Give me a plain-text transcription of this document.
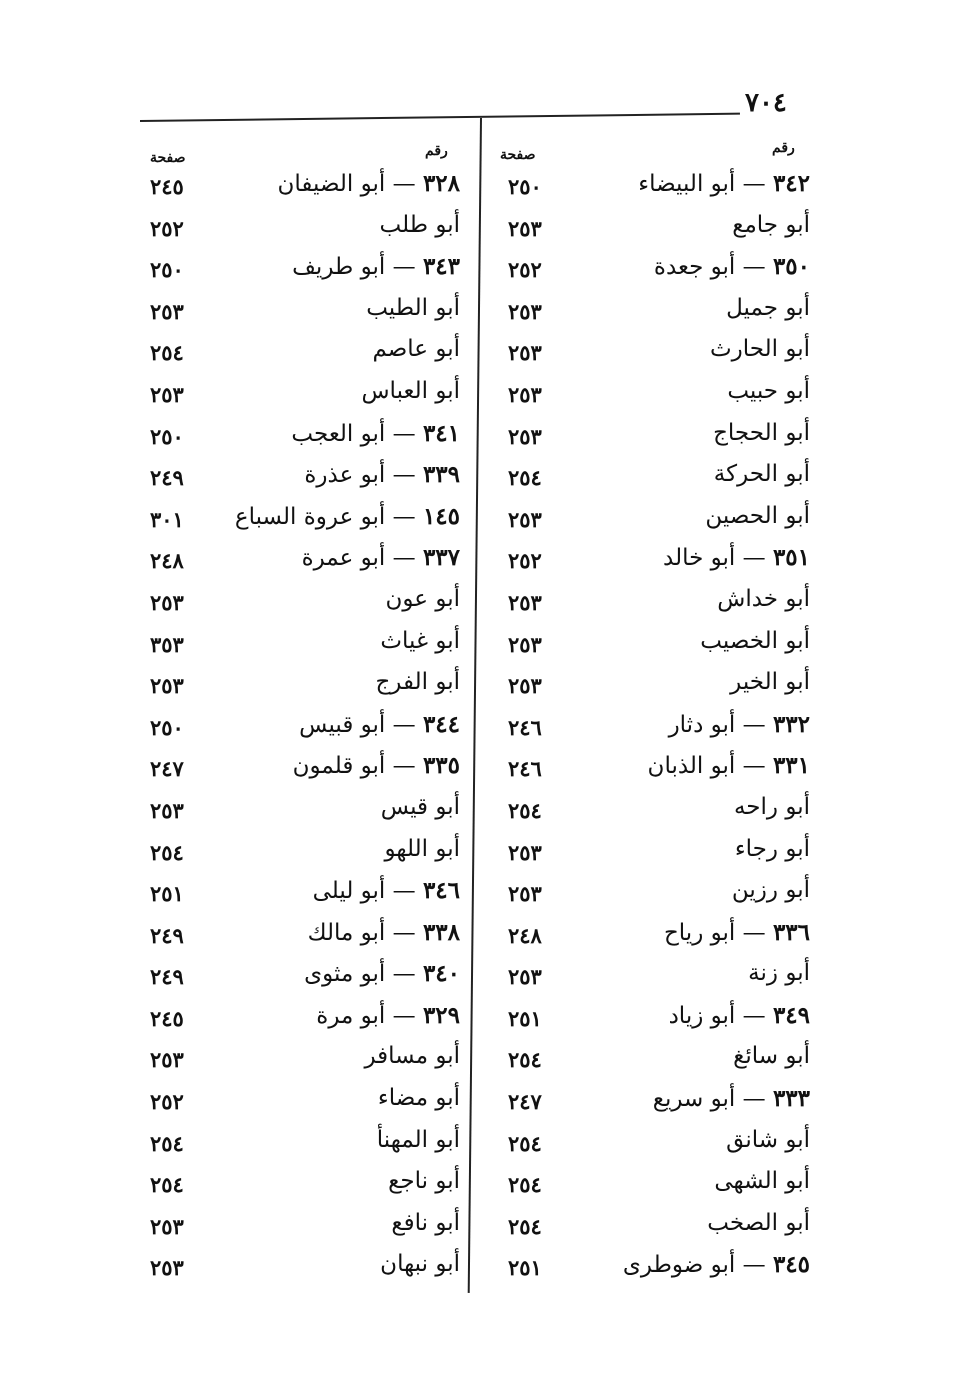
٧٠٤
رقم
صفحة
رقم
صفحة
٣٤٢ — أبو البيضاء
٢٥٠
أبو جامع
٢٥٣
٣٥٠ — أبو جعدة
٢٥٢
أبو جميل
٢٥٣
أبو الحارث
٢٥٣
أبو حبيب
٢٥٣
أبو الحجاج
٢٥٣
أبو الحركة
٢٥٤
أبو الحصين
٢٥٣
٣٥١ — أبو خالد
٢٥٢
أبو خداش
٢٥٣
أبو الخصيب
٢٥٣
أبو الخير
٢٥٣
٣٣٢ — أبو دثار
٢٤٦
٣٣١ — أبو الذبان
٢٤٦
أبو راحه
٢٥٤
أبو رجاء
٢٥٣
أبو رزين
٢٥٣
٣٣٦ — أبو رياح
٢٤٨
أبو زنة
٢٥٣
٣٤٩ — أبو زياد
٢٥١
أبو سائغ
٢٥٤
٣٣٣ — أبو سريع
٢٤٧
أبو شانق
٢٥٤
أبو الشهى
٢٥٤
أبو الصخب
٢٥٤
٣٤٥ — أبو ضوطرى
٢٥١
٣٢٨ — أبو الضيفان
٢٤٥
أبو طلب
٢٥٢
٣٤٣ — أبو طريف
٢٥٠
أبو الطيب
٢٥٣
أبو عاصم
٢٥٤
أبو العباس
٢٥٣
٣٤١ — أبو العجب
٢٥٠
٣٣٩ — أبو عذرة
٢٤٩
١٤٥ — أبو عروة السباع
٣٠١
٣٣٧ — أبو عمرة
٢٤٨
أبو عون
٢٥٣
أبو غياث
٣٥٣
أبو الفرج
٢٥٣
٣٤٤ — أبو قبيس
٢٥٠
٣٣٥ — أبو قلمون
٢٤٧
أبو قيس
٢٥٣
أبو اللهو
٢٥٤
٣٤٦ — أبو ليلى
٢٥١
٣٣٨ — أبو مالك
٢٤٩
٣٤٠ — أبو مثوى
٢٤٩
٣٢٩ — أبو مرة
٢٤٥
أبو مسافر
٢٥٣
أبو مضاء
٢٥٢
أبو المهنأ
٢٥٤
أبو ناجع
٢٥٤
أبو نافع
٢٥٣
أبو نبهان
٢٥٣
